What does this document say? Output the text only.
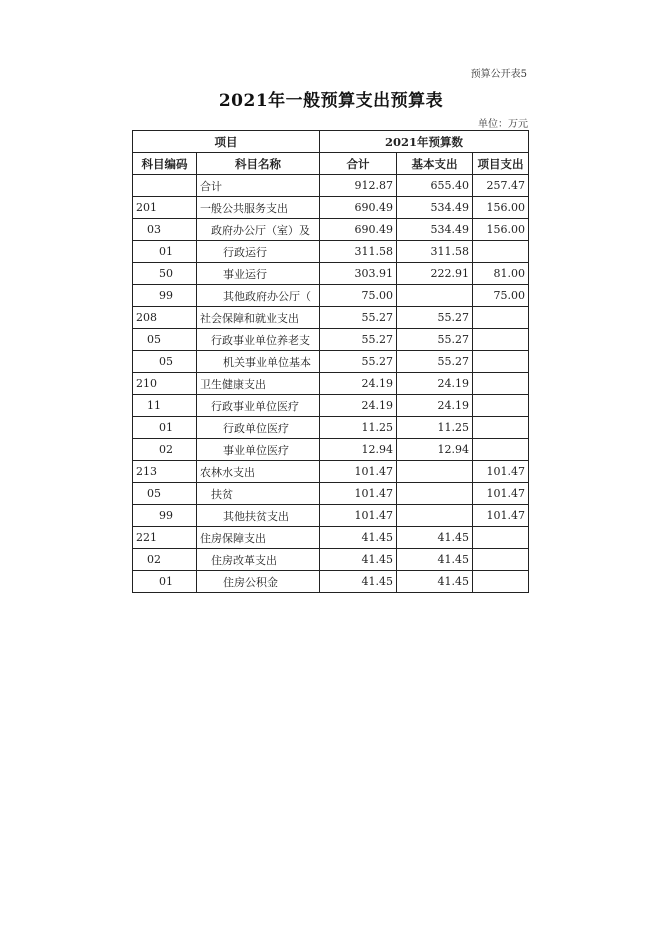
预算公开表5
2021年一般预算支出预算表
单位：万元
项目		2021年预算数		
科目编码	科目名称	合计	基本支出	项目支出
	合计	912.87	655.40	257.47
201	一般公共服务支出	690.49	534.49	156.00
03	政府办公厅（室）及	690.49	534.49	156.00
01	行政运行	311.58	311.58	
50	事业运行	303.91	222.91	81.00
99	其他政府办公厅（	75.00		75.00
208	社会保障和就业支出	55.27	55.27	
05	行政事业单位养老支	55.27	55.27	
05	机关事业单位基本	55.27	55.27	
210	卫生健康支出	24.19	24.19	
11	行政事业单位医疗	24.19	24.19	
01	行政单位医疗	11.25	11.25	
02	事业单位医疗	12.94	12.94	
213	农林水支出	101.47		101.47
05	扶贫	101.47		101.47
99	其他扶贫支出	101.47		101.47
221	住房保障支出	41.45	41.45	
02	住房改革支出	41.45	41.45	
01	住房公积金	41.45	41.45	
